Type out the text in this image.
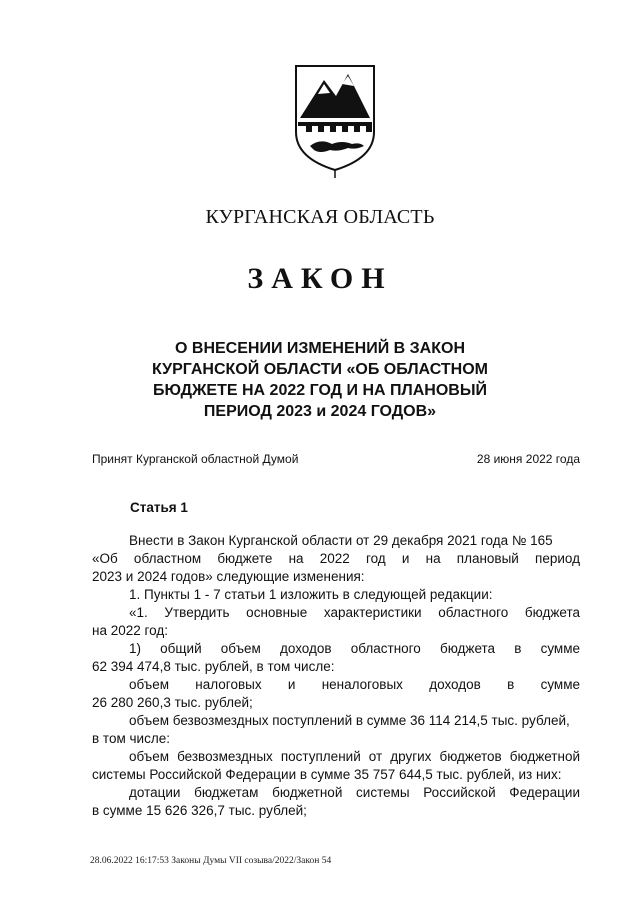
КУРГАНСКАЯ ОБЛАСТЬ
ЗАКОН
О ВНЕСЕНИИ ИЗМЕНЕНИЙ В ЗАКОН
КУРГАНСКОЙ ОБЛАСТИ «ОБ ОБЛАСТНОМ
БЮДЖЕТЕ НА 2022 ГОД И НА ПЛАНОВЫЙ
ПЕРИОД 2023 и 2024 ГОДОВ»
Принят Курганской областной Думой	28 июня 2022 года
Статья 1
Внести в Закон Курганской области от 29 декабря 2021 года № 165
«Об областном бюджете на 2022 год и на плановый период
2023 и 2024 годов» следующие изменения:
1. Пункты 1 - 7 статьи 1 изложить в следующей редакции:
«1. Утвердить основные характеристики областного бюджета
на 2022 год:
1) общий объем доходов областного бюджета в сумме
62 394 474,8 тыс. рублей, в том числе:
объем налоговых и неналоговых доходов в сумме
26 280 260,3 тыс. рублей;
объем безвозмездных поступлений в сумме 36 114 214,5 тыс. рублей,
в том числе:
объем безвозмездных поступлений от других бюджетов бюджетной
системы Российской Федерации в сумме 35 757 644,5 тыс. рублей, из них:
дотации бюджетам бюджетной системы Российской Федерации
в сумме 15 626 326,7 тыс. рублей;
28.06.2022 16:17:53 Законы Думы VII созыва/2022/Закон 54
